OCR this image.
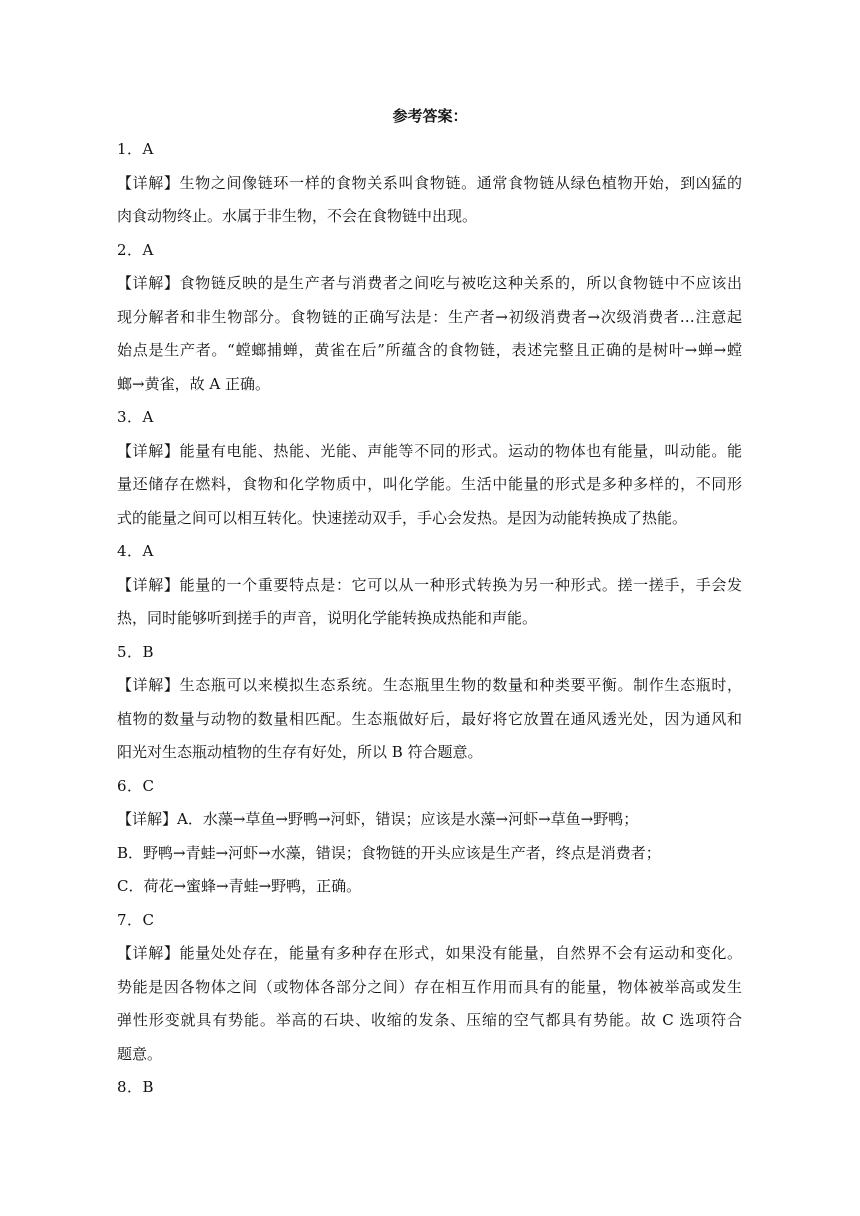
参考答案：
1．A
【详解】生物之间像链环一样的食物关系叫食物链。通常食物链从绿色植物开始，到凶猛的
肉食动物终止。水属于非生物，不会在食物链中出现。
2．A
【详解】食物链反映的是生产者与消费者之间吃与被吃这种关系的，所以食物链中不应该出
现分解者和非生物部分。食物链的正确写法是：生产者→初级消费者→次级消费者…注意起
始点是生产者。“螳螂捕蝉，黄雀在后”所蕴含的食物链，表述完整且正确的是树叶→蝉→螳
螂→黄雀，故 A 正确。
3．A
【详解】能量有电能、热能、光能、声能等不同的形式。运动的物体也有能量，叫动能。能
量还储存在燃料，食物和化学物质中，叫化学能。生活中能量的形式是多种多样的，不同形
式的能量之间可以相互转化。快速搓动双手，手心会发热。是因为动能转换成了热能。
4．A
【详解】能量的一个重要特点是：它可以从一种形式转换为另一种形式。搓一搓手，手会发
热，同时能够听到搓手的声音，说明化学能转换成热能和声能。
5．B
【详解】生态瓶可以来模拟生态系统。生态瓶里生物的数量和种类要平衡。制作生态瓶时，
植物的数量与动物的数量相匹配。生态瓶做好后，最好将它放置在通风透光处，因为通风和
阳光对生态瓶动植物的生存有好处，所以 B 符合题意。
6．C
【详解】A．水藻→草鱼→野鸭→河虾，错误；应该是水藻→河虾→草鱼→野鸭；
B．野鸭→青蛙→河虾→水藻，错误；食物链的开头应该是生产者，终点是消费者；
C．荷花→蜜蜂→青蛙→野鸭，正确。
7．C
【详解】能量处处存在，能量有多种存在形式，如果没有能量，自然界不会有运动和变化。
势能是因各物体之间（或物体各部分之间）存在相互作用而具有的能量，物体被举高或发生
弹性形变就具有势能。举高的石块、收缩的发条、压缩的空气都具有势能。故 C 选项符合
题意。
8．B
